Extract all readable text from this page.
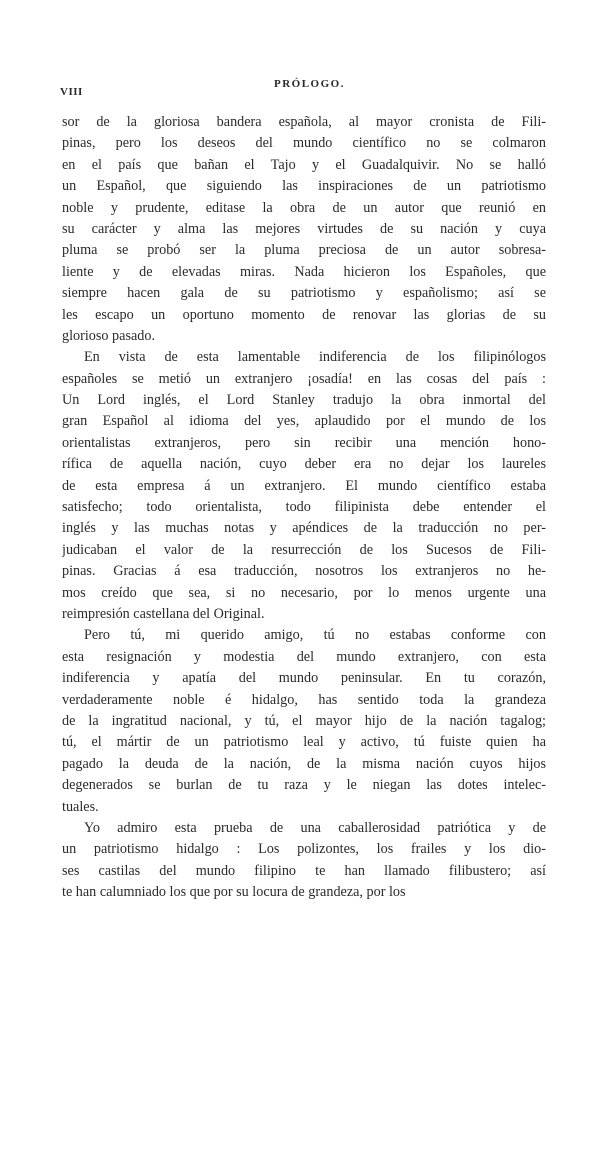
VIII
PRÓLOGO.
sor de la gloriosa bandera española, al mayor cronista de Fili-
pinas, pero los deseos del mundo científico no se colmaron
en el país que bañan el Tajo y el Guadalquivir. No se halló
un Español, que siguiendo las inspiraciones de un patriotismo
noble y prudente, editase la obra de un autor que reunió en
su carácter y alma las mejores virtudes de su nación y cuya
pluma se probó ser la pluma preciosa de un autor sobresa-
liente y de elevadas miras. Nada hicieron los Españoles, que
siempre hacen gala de su patriotismo y españolismo; así se
les escapo un oportuno momento de renovar las glorias de su
glorioso pasado.
En vista de esta lamentable indiferencia de los filipinólogos
españoles se metió un extranjero ¡osadía! en las cosas del país :
Un Lord inglés, el Lord Stanley tradujo la obra inmortal del
gran Español al idioma del yes, aplaudido por el mundo de los
orientalistas extranjeros, pero sin recibir una mención hono-
rífica de aquella nación, cuyo deber era no dejar los laureles
de esta empresa á un extranjero. El mundo científico estaba
satisfecho; todo orientalista, todo filipinista debe entender el
inglés y las muchas notas y apéndices de la traducción no per-
judicaban el valor de la resurrección de los Sucesos de Fili-
pinas. Gracias á esa traducción, nosotros los extranjeros no he-
mos creído que sea, si no necesario, por lo menos urgente una
reimpresión castellana del Original.
Pero tú, mi querido amigo, tú no estabas conforme con
esta resignación y modestia del mundo extranjero, con esta
indiferencia y apatía del mundo peninsular. En tu corazón,
verdaderamente noble é hidalgo, has sentido toda la grandeza
de la ingratitud nacional, y tú, el mayor hijo de la nación tagalog;
tú, el mártir de un patriotismo leal y activo, tú fuiste quien ha
pagado la deuda de la nación, de la misma nación cuyos hijos
degenerados se burlan de tu raza y le niegan las dotes intelec-
tuales.
Yo admiro esta prueba de una caballerosidad patriótica y de
un patriotismo hidalgo : Los polizontes, los frailes y los dio-
ses castilas del mundo filipino te han llamado filibustero; así
te han calumniado los que por su locura de grandeza, por los
